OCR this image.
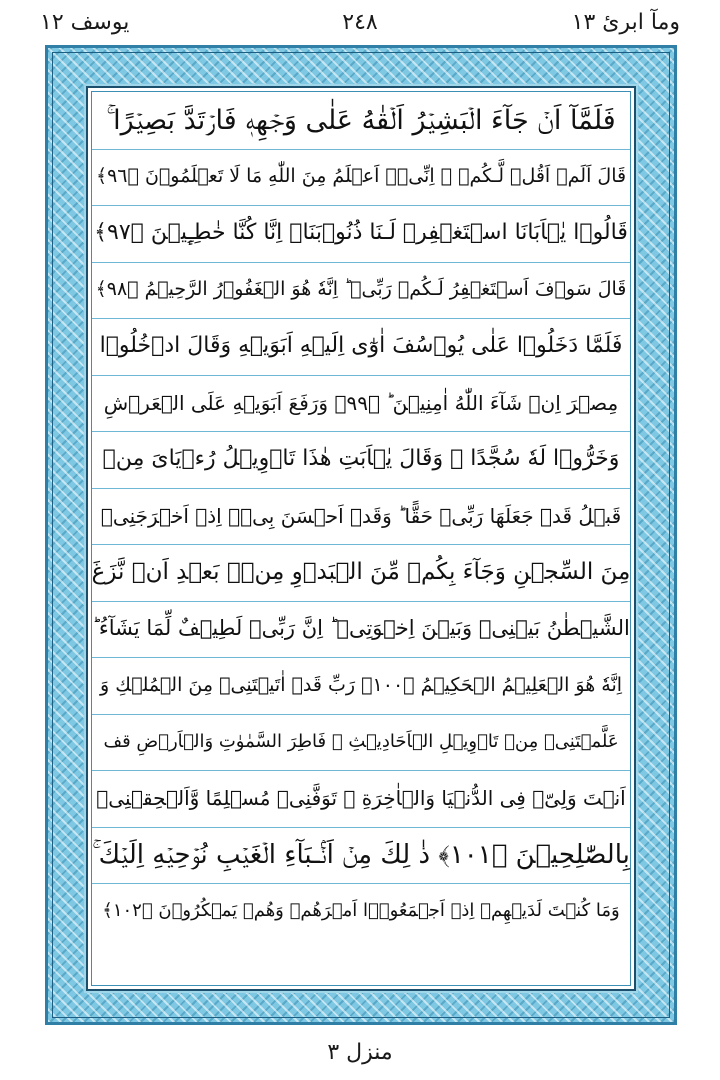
يوسف ١٢	٢٤٨	ومآ ابرئ ١٣
فَلَمَّآ اَنۡ جَآءَ الۡبَشِيۡرُ اَلۡقٰهُ عَلٰى وَجۡهِهٖ فَارۡتَدَّ بَصِيۡرًا ۚ
قَالَ اَلَمۡ اَقُلۡ لَّـكُمۡ ۚ اِنِّىۡۤ اَعۡلَمُ مِنَ اللّٰهِ مَا لَا تَعۡلَمُوۡنَ ‏﴿٩٦﴾
قَالُوۡا يٰۤاَبَانَا اسۡتَغۡفِرۡ لَـنَا ذُنُوۡبَنَاۤ اِنَّا كُنَّا خٰطِـِٕيۡنَ‏ ﴿٩٧﴾
قَالَ سَوۡفَ اَسۡتَغۡفِرُ لَـكُمۡ رَبِّىۡ ؕ اِنَّهٗ هُوَ الۡغَفُوۡرُ الرَّحِيۡمُ‏ ﴿٩٨﴾
فَلَمَّا دَخَلُوۡا عَلٰى يُوۡسُفَ اٰوٰٓى اِلَيۡهِ اَبَوَيۡهِ وَقَالَ ادۡخُلُوۡا
مِصۡرَ اِنۡ شَآءَ اللّٰهُ اٰمِنِيۡنَ ؕ‏ ﴿٩٩﴾ وَرَفَعَ اَبَوَيۡهِ عَلَى الۡعَرۡشِ
وَخَرُّوۡا لَهٗ سُجَّدًا ۚ وَقَالَ يٰۤاَبَتِ هٰذَا تَاۡوِيۡلُ رُءۡيَاىَ مِنۡ
قَبۡلُ قَدۡ جَعَلَهَا رَبِّىۡ حَقًّا ؕ وَقَدۡ اَحۡسَنَ بِىۡۤ اِذۡ اَخۡرَجَنِىۡ
مِنَ السِّجۡنِ وَجَآءَ بِكُمۡ مِّنَ الۡبَدۡوِ مِنۡۢ بَعۡدِ اَنۡ نَّزَغَ
الشَّيۡطٰنُ بَيۡنِىۡ وَبَيۡنَ اِخۡوَتِىۡ ؕ اِنَّ رَبِّىۡ لَطِيۡفٌ لِّمَا يَشَآءُ ؕ
اِنَّهٗ هُوَ الۡعَلِيۡمُ الۡحَكِيۡمُ‏ ﴿١٠٠﴾ رَبِّ قَدۡ اٰتَيۡتَنِىۡ مِنَ الۡمُلۡكِ وَ
عَلَّمۡتَنِىۡ مِنۡ تَاۡوِيۡلِ الۡاَحَادِيۡثِ ۚ فَاطِرَ السَّمٰوٰتِ وَالۡاَرۡضِ قف
اَنۡتَ وَلِىّٖ فِى الدُّنۡيَا وَالۡاٰخِرَةِ ۚ تَوَفَّنِىۡ مُسۡلِمًا وَّاَلۡحِقۡنِىۡ
بِالصّٰلِحِيۡنَ‏ ﴿١٠١﴾ ذٰ لِكَ مِنۡ اَنۡۢـبَآءِ الۡغَيۡبِ نُوۡحِيۡهِ اِلَيۡكَ ۚ
وَمَا كُنۡتَ لَدَيۡهِمۡ اِذۡ اَجۡمَعُوۡۤا اَمۡرَهُمۡ وَهُمۡ يَمۡكُرُوۡنَ‏ ﴿١٠٢﴾
منزل ٣
